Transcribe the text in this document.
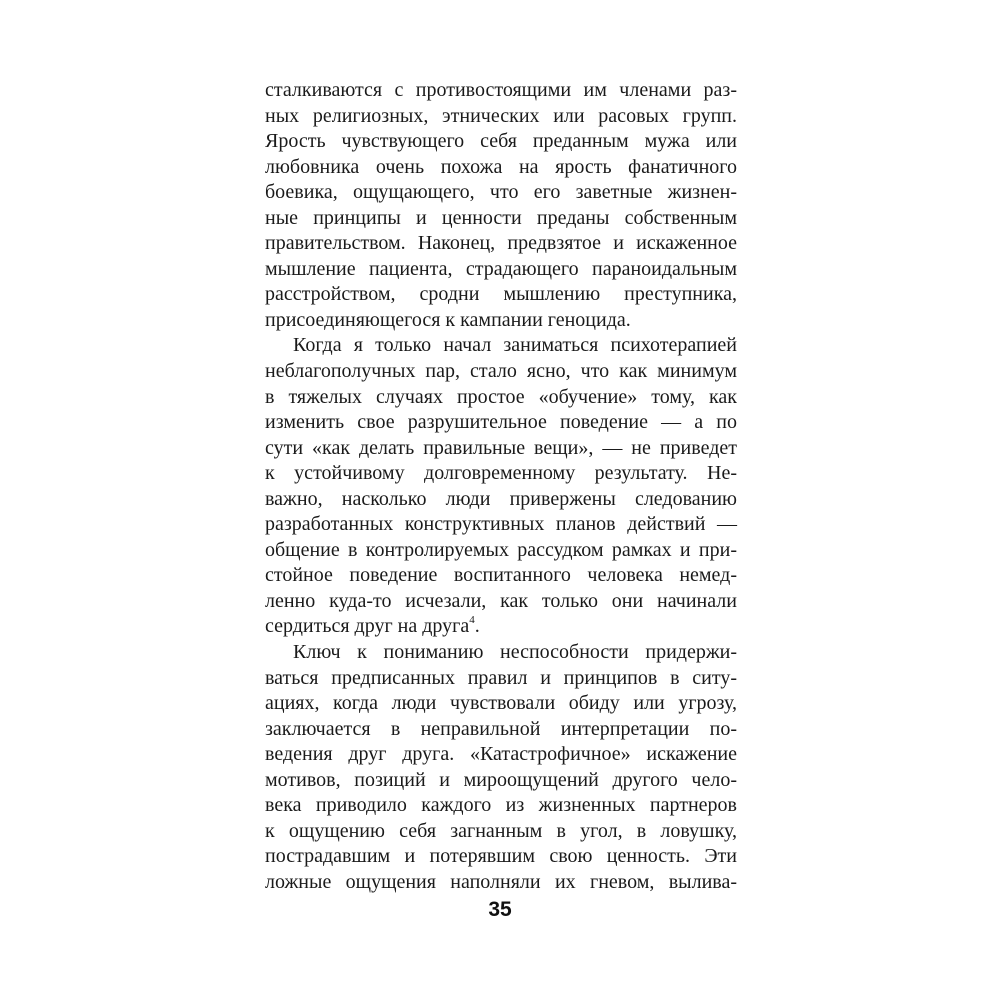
сталкиваются с противостоящими им членами раз-
ных религиозных, этнических или расовых групп.
Ярость чувствующего себя преданным мужа или
любовника очень похожа на ярость фанатичного
боевика, ощущающего, что его заветные жизнен-
ные принципы и ценности преданы собственным
правительством. Наконец, предвзятое и искаженное
мышление пациента, страдающего параноидальным
расстройством, сродни мышлению преступника,
присоединяющегося к кампании геноцида.
Когда я только начал заниматься психотерапией
неблагополучных пар, стало ясно, что как минимум
в тяжелых случаях простое «обучение» тому, как
изменить свое разрушительное поведение — а по
сути «как делать правильные вещи», — не приведет
к устойчивому долговременному результату. Не-
важно, насколько люди привержены следованию
разработанных конструктивных планов действий —
общение в контролируемых рассудком рамках и при-
стойное поведение воспитанного человека немед-
ленно куда-то исчезали, как только они начинали
сердиться друг на друга$^4$.
Ключ к пониманию неспособности придержи-
ваться предписанных правил и принципов в ситу-
ациях, когда люди чувствовали обиду или угрозу,
заключается в неправильной интерпретации по-
ведения друг друга. «Катастрофичное» искажение
мотивов, позиций и мироощущений другого чело-
века приводило каждого из жизненных партнеров
к ощущению себя загнанным в угол, в ловушку,
пострадавшим и потерявшим свою ценность. Эти
ложные ощущения наполняли их гневом, вылива-
35
